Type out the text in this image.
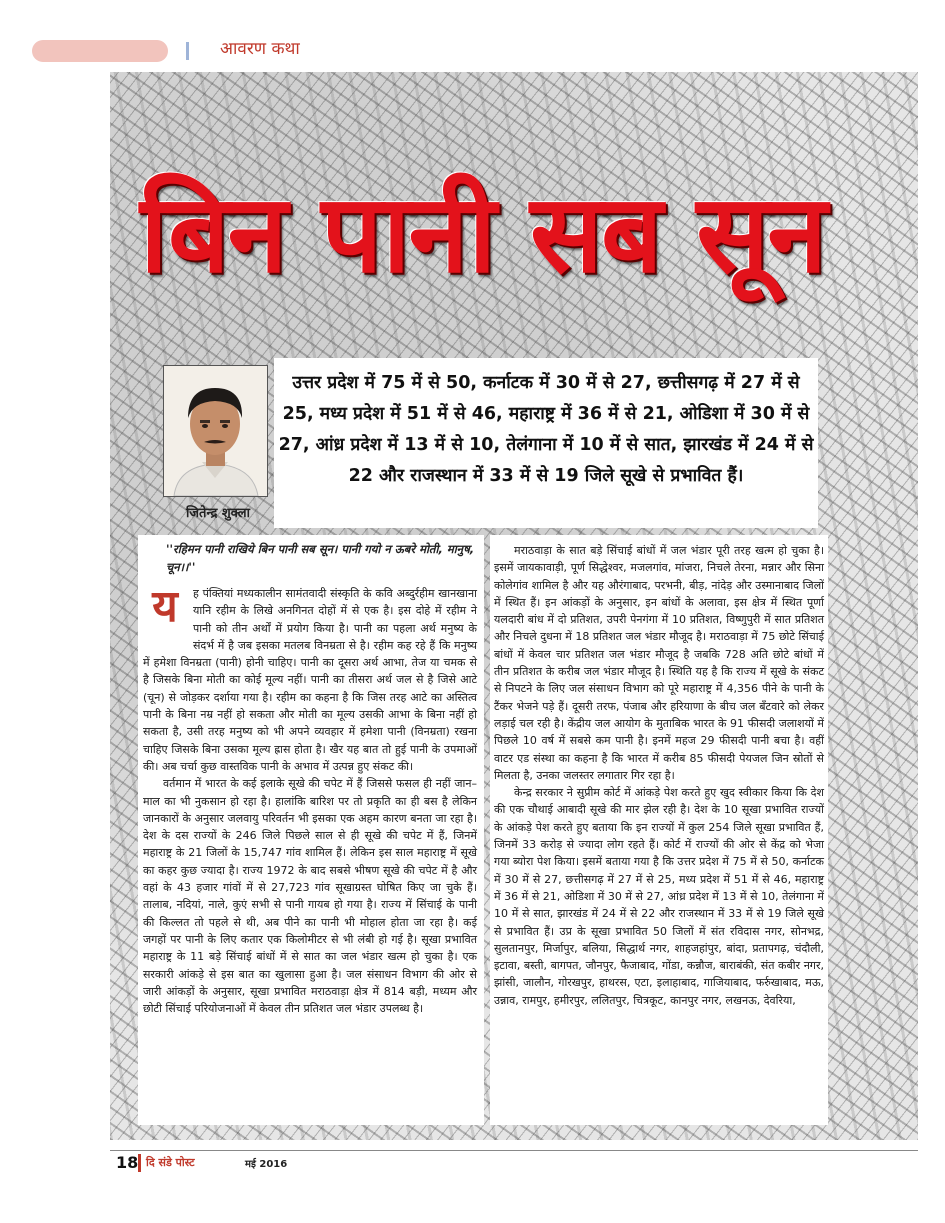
आवरण कथा
बिन पानी सब सून
जितेन्द्र शुक्ला

उत्तर प्रदेश में 75 में से 50, कर्नाटक में 30 में से 27, छत्तीसगढ़ में 27 में से 25, मध्य प्रदेश में 51 में से 46, महाराष्ट्र में 36 में से 21, ओडिशा में 30 में से 27, आंध्र प्रदेश में 13 में से 10, तेलंगाना में 10 में से सात, झारखंड में 24 में से 22 और राजस्थान में 33 में से 19 जिले सूखे से प्रभावित हैं।

''रहिमन पानी राखिये बिन पानी सब सून। पानी गयो न ऊबरे मोती, मानुष, चून।।''

य	ह पंक्तियां मध्यकालीन सामंतवादी संस्कृति के कवि अब्दुर्रहीम खानखाना यानि रहीम के लिखे अनगिनत दोहों में से एक है। इस दोहे में रहीम ने पानी को तीन अर्थों में प्रयोग किया है। पानी का पहला अर्थ मनुष्य के संदर्भ में है जब इसका मतलब विनम्रता से है। रहीम कह रहे हैं कि मनुष्य में हमेशा विनम्रता (पानी) होनी चाहिए। पानी का दूसरा अर्थ आभा, तेज या चमक से है जिसके बिना मोती का कोई मूल्य नहीं। पानी का तीसरा अर्थ जल से है जिसे आटे (चून) से जोड़कर दर्शाया गया है। रहीम का कहना है कि जिस तरह आटे का अस्तित्व पानी के बिना नम्र नहीं हो सकता और मोती का मूल्य उसकी आभा के बिना नहीं हो सकता है, उसी तरह मनुष्य को भी अपने व्यवहार में हमेशा पानी (विनम्रता) रखना चाहिए जिसके बिना उसका मूल्य ह्रास होता है। खैर यह बात तो हुई पानी के उपमाओं की। अब चर्चा कुछ वास्तविक पानी के अभाव में उत्पन्न हुए संकट की।

वर्तमान में भारत के कई इलाके सूखे की चपेट में हैं जिससे फसल ही नहीं जान–माल का भी नुकसान हो रहा है। हालांकि बारिश पर तो प्रकृति का ही बस है लेकिन जानकारों के अनुसार जलवायु परिवर्तन भी इसका एक अहम कारण बनता जा रहा है। देश के दस राज्यों के 246 जिले पिछले साल से ही सूखे की चपेट में हैं, जिनमें महाराष्ट्र के 21 जिलों के 15,747 गांव शामिल हैं। लेकिन इस साल महाराष्ट्र में सूखे का कहर कुछ ज्यादा है। राज्य 1972 के बाद सबसे भीषण सूखे की चपेट में है और वहां के 43 हजार गांवों में से 27,723 गांव सूखाग्रस्त घोषित किए जा चुके हैं। तालाब, नदियां, नाले, कुएं सभी से पानी गायब हो गया है। राज्य में सिंचाई के पानी की किल्लत तो पहले से थी, अब पीने का पानी भी मोहाल होता जा रहा है। कई जगहों पर पानी के लिए कतार एक किलोमीटर से भी लंबी हो गई है। सूखा प्रभावित महाराष्ट्र के 11 बड़े सिंचाई बांधों में से सात का जल भंडार खत्म हो चुका है। एक सरकारी आंकड़े से इस बात का खुलासा हुआ है। जल संसाधन विभाग की ओर से जारी आंकड़ों के अनुसार, सूखा प्रभावित मराठवाड़ा क्षेत्र में 814 बड़ी, मध्यम और छोटी सिंचाई परियोजनाओं में केवल तीन प्रतिशत जल भंडार उपलब्ध है।

मराठवाड़ा के सात बड़े सिंचाई बांधों में जल भंडार पूरी तरह खत्म हो चुका है। इसमें जायकावाड़ी, पूर्ण सिद्धेश्वर, मजलगांव, मांजरा, निचले तेरना, मन्नार और सिना कोलेगांव शामिल है और यह औरंगाबाद, परभनी, बीड़, नांदेड़ और उस्मानाबाद जिलों में स्थित हैं। इन आंकड़ों के अनुसार, इन बांधों के अलावा, इस क्षेत्र में स्थित पूर्णा यलदारी बांध में दो प्रतिशत, उपरी पेनगंगा में 10 प्रतिशत, विष्णुपुरी में सात प्रतिशत और निचले दुधना में 18 प्रतिशत जल भंडार मौजूद है। मराठवाड़ा में 75 छोटे सिंचाई बांधों में केवल चार प्रतिशत जल भंडार मौजूद है जबकि 728 अति छोटे बांधों में तीन प्रतिशत के करीब जल भंडार मौजूद है। स्थिति यह है कि राज्य में सूखे के संकट से निपटने के लिए जल संसाधन विभाग को पूरे महाराष्ट्र में 4,356 पीने के पानी के टैंकर भेजने पड़े हैं। दूसरी तरफ, पंजाब और हरियाणा के बीच जल बँटवारे को लेकर लड़ाई चल रही है। केंद्रीय जल आयोग के मुताबिक भारत के 91 फीसदी जलाशयों में पिछले 10 वर्ष में सबसे कम पानी है। इनमें महज 29 फीसदी पानी बचा है। वहीं वाटर एड संस्था का कहना है कि भारत में करीब 85 फीसदी पेयजल जिन स्रोतों से मिलता है, उनका जलस्तर लगातार गिर रहा है।

केन्द्र सरकार ने सुप्रीम कोर्ट में आंकड़े पेश करते हुए खुद स्वीकार किया कि देश की एक चौथाई आबादी सूखे की मार झेल रही है। देश के 10 सूखा प्रभावित राज्यों के आंकड़े पेश करते हुए बताया कि इन राज्यों में कुल 254 जिले सूखा प्रभावित हैं, जिनमें 33 करोड़ से ज्यादा लोग रहते हैं। कोर्ट में राज्यों की ओर से केंद्र को भेजा गया ब्योरा पेश किया। इसमें बताया गया है कि उत्तर प्रदेश में 75 में से 50, कर्नाटक में 30 में से 27, छत्तीसगढ़ में 27 में से 25, मध्य प्रदेश में 51 में से 46, महाराष्ट्र में 36 में से 21, ओडिशा में 30 में से 27, आंध्र प्रदेश में 13 में से 10, तेलंगाना में 10 में से सात, झारखंड में 24 में से 22 और राजस्थान में 33 में से 19 जिले सूखे से प्रभावित हैं। उप्र के सूखा प्रभावित 50 जिलों में संत रविदास नगर, सोनभद्र, सुलतानपुर, मिर्जापुर, बलिया, सिद्धार्थ नगर, शाहजहांपुर, बांदा, प्रतापगढ़, चंदौली, इटावा, बस्ती, बागपत, जौनपुर, फैजाबाद, गोंडा, कन्नौज, बाराबंकी, संत कबीर नगर, झांसी, जालौन, गोरखपुर, हाथरस, एटा, इलाहाबाद, गाजियाबाद, फर्रुखाबाद, मऊ, उन्नाव, रामपुर, हमीरपुर, ललितपुर, चित्रकूट, कानपुर नगर, लखनऊ, देवरिया,

18 दि संडे पोस्ट	मई 2016
